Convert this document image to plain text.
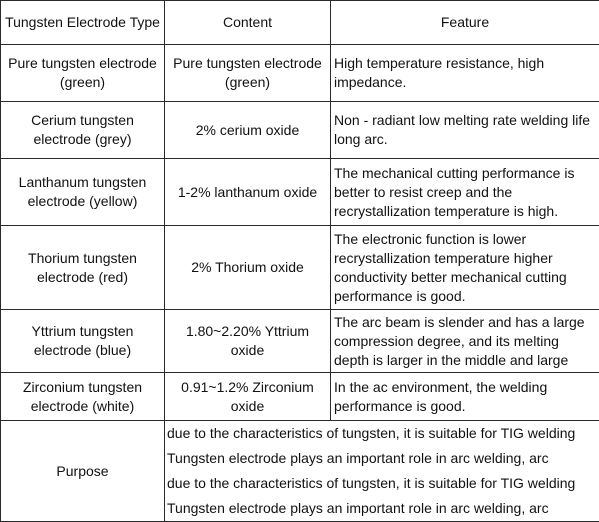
Tungsten Electrode Type	Content	Feature
Pure tungsten electrode (green)	Pure tungsten electrode (green)	High temperature resistance, high impedance.
Cerium tungsten electrode (grey)	2% cerium oxide	Non - radiant low melting rate welding life long arc.
Lanthanum tungsten electrode (yellow)	1-2% lanthanum oxide	The mechanical cutting performance is better to resist creep and the recrystallization temperature is high.
Thorium tungsten electrode (red)	2% Thorium oxide	The electronic function is lower recrystallization temperature higher conductivity better mechanical cutting performance is good.
Yttrium tungsten electrode (blue)	1.80~2.20% Yttrium oxide	The arc beam is slender and has a large compression degree, and its melting depth is larger in the middle and large

Zirconium tungsten electrode (white)	0.91~1.2% Zirconium oxide	In the ac environment, the welding performance is good.
Purpose	due to the characteristics of tungsten, it is suitable for TIG welding
Tungsten electrode plays an important role in arc welding, arc
due to the characteristics of tungsten, it is suitable for TIG welding
Tungsten electrode plays an important role in arc welding, arc	
